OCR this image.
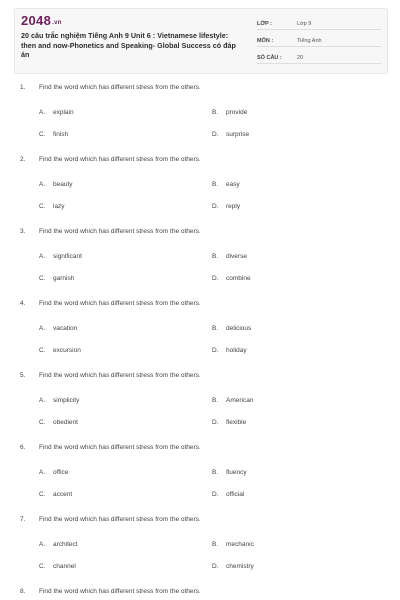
2048.vn
20 câu trắc nghiệm Tiếng Anh 9 Unit 6 : Vietnamese lifestyle: then and now-Phonetics and Speaking- Global Success có đáp án
LỚP :	Lớp 9
MÔN :	Tiếng Anh
SỐ CÂU :	20
1. Find the word which has different stress from the others.
A. explain	B. provide
C. finish	D. surprise
2. Find the word which has different stress from the others.
A. beauty	B. easy
C. lazy	D. reply
3. Find the word which has different stress from the others.
A. significant	B. diverse
C. garnish	D. combine
4. Find the word which has different stress from the others.
A. vacation	B. delicious
C. excursion	D. holiday
5. Find the word which has different stress from the others.
A. simplicity	B. American
C. obedient	D. flexible
6. Find the word which has different stress from the others.
A. office	B. fluency
C. accent	D. official
7. Find the word which has different stress from the others.
A. architect	B. mechanic
C. channel	D. chemistry
8. Find the word which has different stress from the others.
